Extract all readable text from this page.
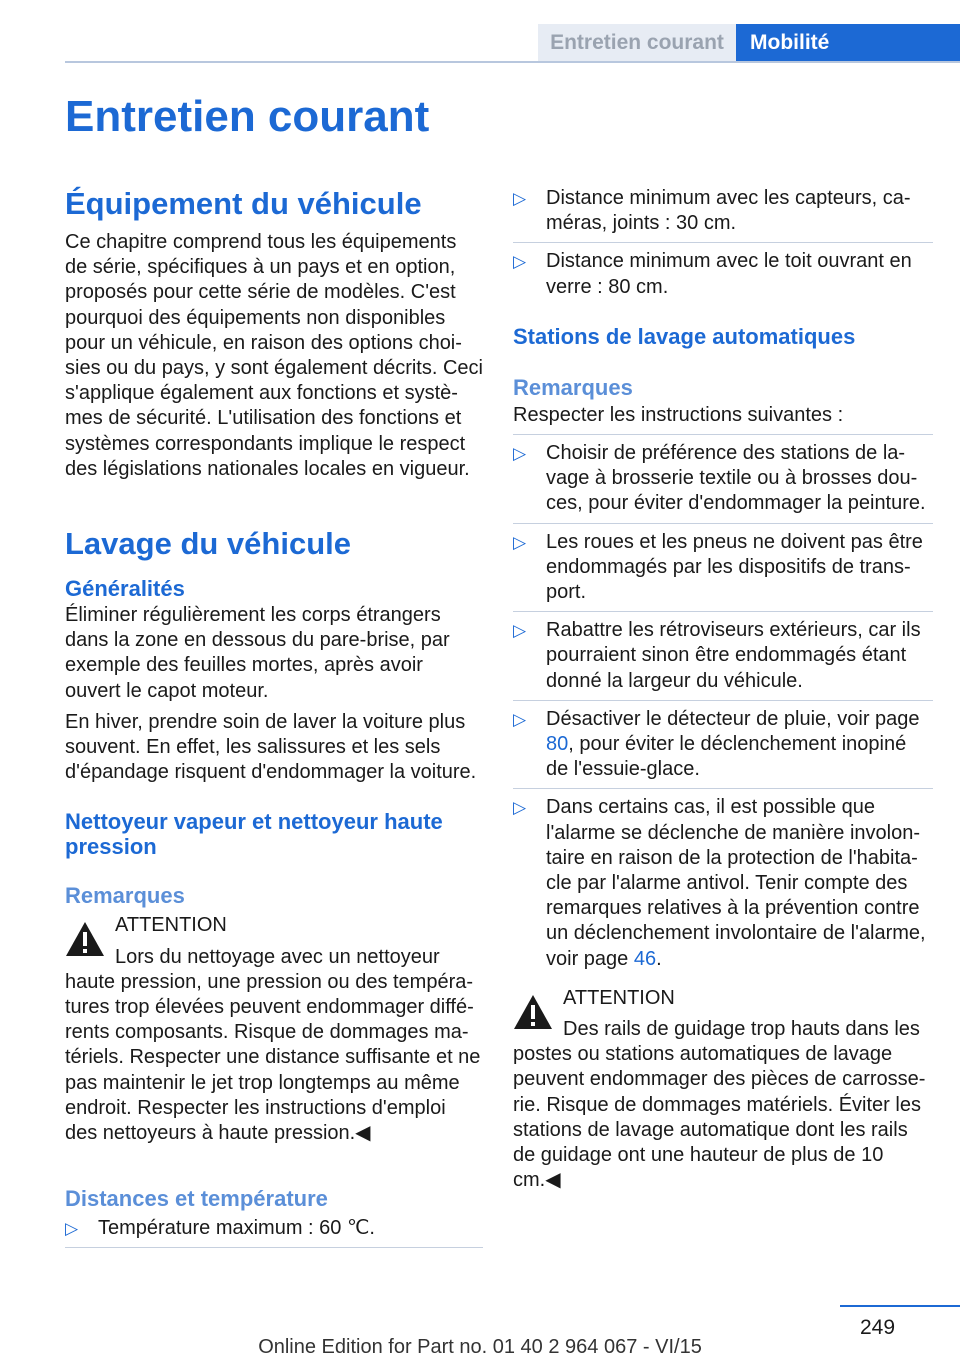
Entretien courant	Mobilité
Entretien courant
Équipement du véhicule

Ce chapitre comprend tous les équipements de série, spécifiques à un pays et en option, proposés pour cette série de modèles. C'est pourquoi des équipements non disponibles pour un véhicule, en raison des options choisies ou du pays, y sont également décrits. Ceci s'applique également aux fonctions et systèmes de sécurité. L'utilisation des fonctions et systèmes correspondants implique le respect des législations nationales locales en vigueur.

Lavage du véhicule
Généralités

Éliminer régulièrement les corps étrangers dans la zone en dessous du pare-brise, par exemple des feuilles mortes, après avoir ouvert le capot moteur.

En hiver, prendre soin de laver la voiture plus souvent. En effet, les salissures et les sels d'épandage risquent d'endommager la voiture.

Nettoyeur vapeur et nettoyeur haute pression
Remarques

ATTENTION

Lors du nettoyage avec un nettoyeur

haute pression, une pression ou des températures trop élevées peuvent endommager différents composants. Risque de dommages matériels. Respecter une distance suffisante et ne pas maintenir le jet trop longtemps au même endroit. Respecter les instructions d'emploi des nettoyeurs à haute pression.◀

Distances et température
▷ Température maximum : 60 ℃.
▷ Distance minimum avec les capteurs, caméras, joints : 30 cm.
▷ Distance minimum avec le toit ouvrant en verre : 80 cm.
Stations de lavage automatiques
Remarques

Respecter les instructions suivantes :

▷ Choisir de préférence des stations de lavage à brosserie textile ou à brosses douces, pour éviter d'endommager la peinture.
▷ Les roues et les pneus ne doivent pas être endommagés par les dispositifs de transport.
▷ Rabattre les rétroviseurs extérieurs, car ils pourraient sinon être endommagés étant donné la largeur du véhicule.
▷ Désactiver le détecteur de pluie, voir page 80, pour éviter le déclenchement inopiné de l'essuie-glace.
▷ Dans certains cas, il est possible que l'alarme se déclenche de manière involontaire en raison de la protection de l'habitacle par l'alarme antivol. Tenir compte des remarques relatives à la prévention contre un déclenchement involontaire de l'alarme, voir page 46.

ATTENTION

Des rails de guidage trop hauts dans les

postes ou stations automatiques de lavage peuvent endommager des pièces de carrosserie. Risque de dommages matériels. Éviter les stations de lavage automatique dont les rails de guidage ont une hauteur de plus de 10 cm.◀

249
Online Edition for Part no. 01 40 2 964 067 - VI/15
